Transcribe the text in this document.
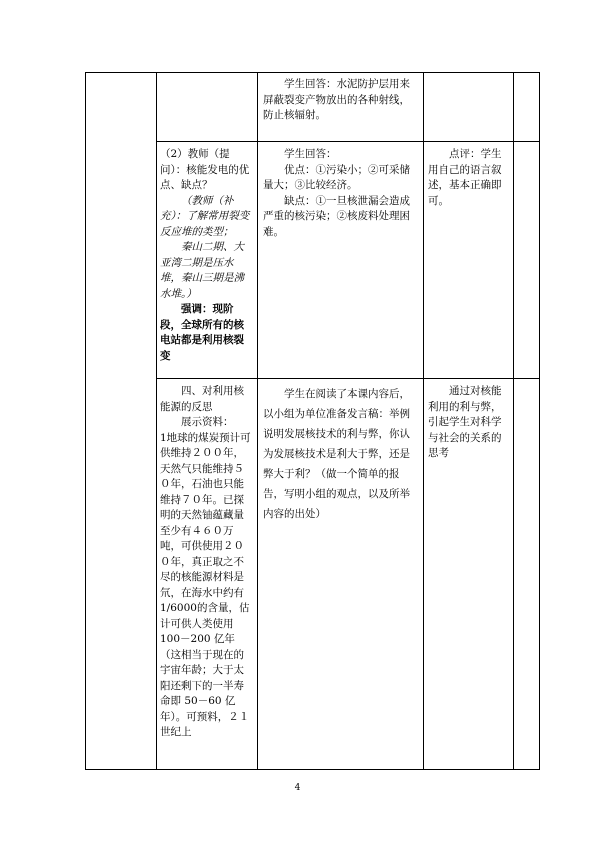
学生回答：水泥防护层用来屏蔽裂变产物放出的各种射线，防止核辐射。

（2）教师（提问）：核能发电的优点、缺点？

（教师（补充）：了解常用裂变反应堆的类型；

秦山二期、大亚湾二期是压水堆，秦山三期是沸水堆。）

强调：现阶段，全球所有的核电站都是利用核裂变

学生回答：

优点：①污染小；②可采储量大；③比较经济。

缺点：①一旦核泄漏会造成严重的核污染；②核废料处理困难。

点评：学生用自己的语言叙述，基本正确即可。

四、对利用核能源的反思

展示资料：

1地球的煤炭预计可供维持２００年，天然气只能维持５０年，石油也只能维持７０年。已探明的天然铀蕴藏量至少有４６０万吨，可供使用２００年，真正取之不尽的核能源材料是氘，在海水中约有 1/6000的含量，估计可供人类使用 100－200 亿年（这相当于现在的宇宙年龄；大于太阳还剩下的一半寿命即 50－60 亿年）。可预料，２１世纪上

学生在阅读了本课内容后，以小组为单位准备发言稿：举例说明发展核技术的利与弊，你认为发展核技术是利大于弊，还是弊大于利？（做一个简单的报告，写明小组的观点，以及所举内容的出处）

通过对核能利用的利与弊，引起学生对科学与社会的关系的思考

4
